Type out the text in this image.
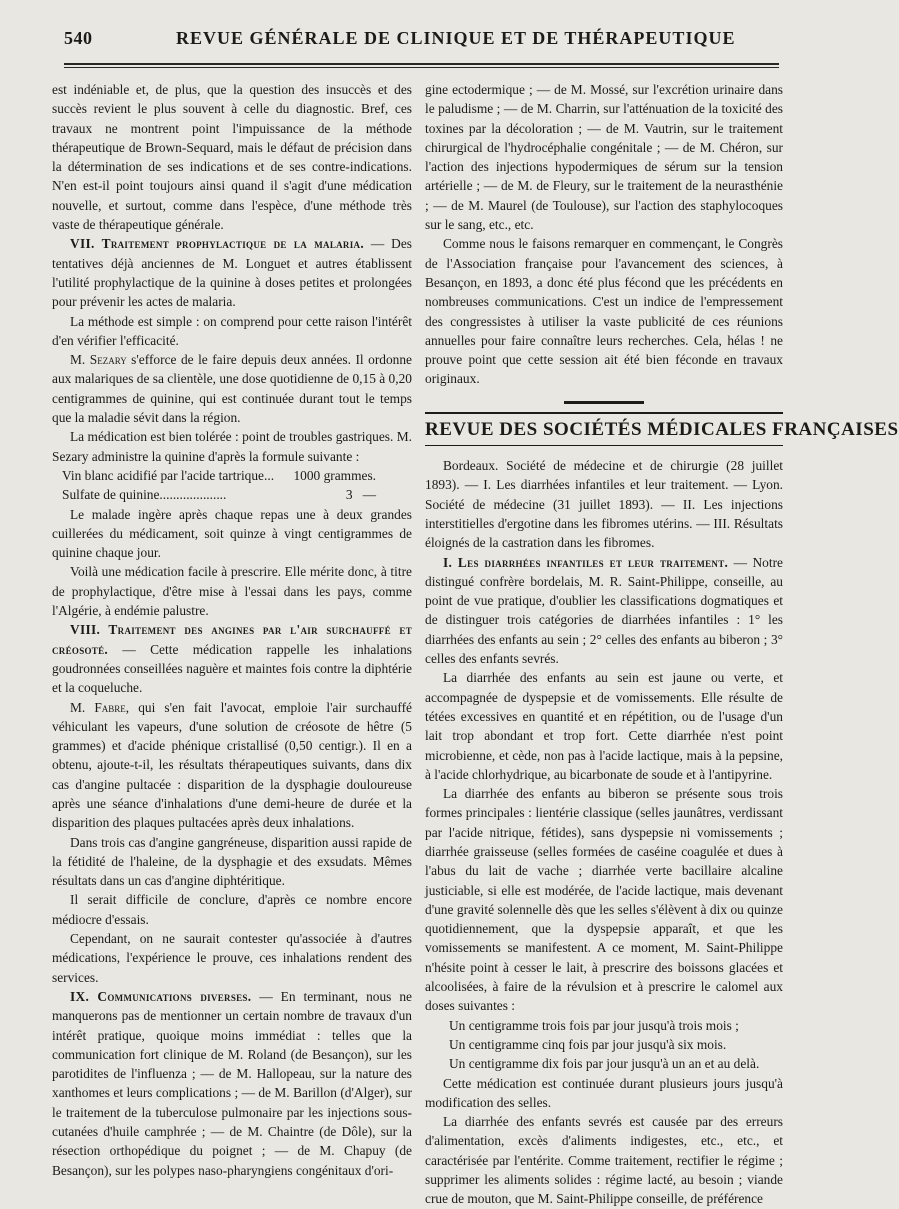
540	REVUE GÉNÉRALE DE CLINIQUE ET DE THÉRAPEUTIQUE

est indéniable et, de plus, que la question des insuccès et des succès revient le plus souvent à celle du diagnostic. Bref, ces travaux ne montrent point l'impuissance de la méthode thérapeutique de Brown-Sequard, mais le défaut de précision dans la détermination de ses indications et de ses contre-indications. N'en est-il point toujours ainsi quand il s'agit d'une médication nouvelle, et surtout, comme dans l'espèce, d'une méthode très vaste de thérapeutique générale.

VII. Traitement prophylactique de la malaria. — Des tentatives déjà anciennes de M. Longuet et autres établissent l'utilité prophylactique de la quinine à doses petites et prolongées pour prévenir les actes de malaria.

La méthode est simple : on comprend pour cette raison l'intérêt d'en vérifier l'efficacité.

M. Sezary s'efforce de le faire depuis deux années. Il ordonne aux malariques de sa clientèle, une dose quotidienne de 0,15 à 0,20 centigrammes de quinine, qui est continuée durant tout le temps que la maladie sévit dans la région.

La médication est bien tolérée : point de troubles gastriques. M. Sezary administre la quinine d'après la formule suivante :

Vin blanc acidifié par l'acide tartrique... 1000 grammes.
Sulfate de quinine....................	3   —

Le malade ingère après chaque repas une à deux grandes cuillerées du médicament, soit quinze à vingt centigrammes de quinine chaque jour.

Voilà une médication facile à prescrire. Elle mérite donc, à titre de prophylactique, d'être mise à l'essai dans les pays, comme l'Algérie, à endémie palustre.

VIII. Traitement des angines par l'air surchauffé et créosoté. — Cette médication rappelle les inhalations goudronnées conseillées naguère et maintes fois contre la diphtérie et la coqueluche.

M. Fabre, qui s'en fait l'avocat, emploie l'air surchauffé véhiculant les vapeurs, d'une solution de créosote de hêtre (5 grammes) et d'acide phénique cristallisé (0,50 centigr.). Il en a obtenu, ajoute-t-il, les résultats thérapeutiques suivants, dans dix cas d'angine pultacée : disparition de la dysphagie douloureuse après une séance d'inhalations d'une demi-heure de durée et la disparition des plaques pultacées après deux inhalations.

Dans trois cas d'angine gangréneuse, disparition aussi rapide de la fétidité de l'haleine, de la dysphagie et des exsudats. Mêmes résultats dans un cas d'angine diphtéritique.

Il serait difficile de conclure, d'après ce nombre encore médiocre d'essais.

Cependant, on ne saurait contester qu'associée à d'autres médications, l'expérience le prouve, ces inhalations rendent des services.

IX. Communications diverses. — En terminant, nous ne manquerons pas de mentionner un certain nombre de travaux d'un intérêt pratique, quoique moins immédiat : telles que la communication fort clinique de M. Roland (de Besançon), sur les parotidites de l'influenza ; — de M. Hallopeau, sur la nature des xanthomes et leurs complications ; — de M. Barillon (d'Alger), sur le traitement de la tuberculose pulmonaire par les injections sous-cutanées d'huile camphrée ; — de M. Chaintre (de Dôle), sur la résection orthopédique du poignet ; — de M. Chapuy (de Besançon), sur les polypes naso-pharyngiens congénitaux d'ori-

gine ectodermique ; — de M. Mossé, sur l'excrétion urinaire dans le paludisme ; — de M. Charrin, sur l'atténuation de la toxicité des toxines par la décoloration ; — de M. Vautrin, sur le traitement chirurgical de l'hydrocéphalie congénitale ; — de M. Chéron, sur l'action des injections hypodermiques de sérum sur la tension artérielle ; — de M. de Fleury, sur le traitement de la neurasthénie ; — de M. Maurel (de Toulouse), sur l'action des staphylocoques sur le sang, etc., etc.

Comme nous le faisons remarquer en commençant, le Congrès de l'Association française pour l'avancement des sciences, à Besançon, en 1893, a donc été plus fécond que les précédents en nombreuses communications. C'est un indice de l'empressement des congressistes à utiliser la vaste publicité de ces réunions annuelles pour faire connaître leurs recherches. Cela, hélas ! ne prouve point que cette session ait été bien féconde en travaux originaux.

REVUE DES SOCIÉTÉS MÉDICALES FRANÇAISES

Bordeaux. Société de médecine et de chirurgie (28 juillet 1893). — I. Les diarrhées infantiles et leur traitement. — Lyon. Société de médecine (31 juillet 1893). — II. Les injections interstitielles d'ergotine dans les fibromes utérins. — III. Résultats éloignés de la castration dans les fibromes.

I. Les diarrhées infantiles et leur traitement. — Notre distingué confrère bordelais, M. R. Saint-Philippe, conseille, au point de vue pratique, d'oublier les classifications dogmatiques et de distinguer trois catégories de diarrhées infantiles : 1° les diarrhées des enfants au sein ; 2° celles des enfants au biberon ; 3° celles des enfants sevrés.

La diarrhée des enfants au sein est jaune ou verte, et accompagnée de dyspepsie et de vomissements. Elle résulte de tétées excessives en quantité et en répétition, ou de l'usage d'un lait trop abondant et trop fort. Cette diarrhée n'est point microbienne, et cède, non pas à l'acide lactique, mais à la pepsine, à l'acide chlorhydrique, au bicarbonate de soude et à l'antipyrine.

La diarrhée des enfants au biberon se présente sous trois formes principales : lientérie classique (selles jaunâtres, verdissant par l'acide nitrique, fétides), sans dyspepsie ni vomissements ; diarrhée graisseuse (selles formées de caséine coagulée et dues à l'abus du lait de vache ; diarrhée verte bacillaire alcaline justiciable, si elle est modérée, de l'acide lactique, mais devenant d'une gravité solennelle dès que les selles s'élèvent à dix ou quinze quotidiennement, que la dyspepsie apparaît, et que les vomissements se manifestent. A ce moment, M. Saint-Philippe n'hésite point à cesser le lait, à prescrire des boissons glacées et alcoolisées, à faire de la révulsion et à prescrire le calomel aux doses suivantes :

Un centigramme trois fois par jour jusqu'à trois mois ;

Un centigramme cinq fois par jour jusqu'à six mois.

Un centigramme dix fois par jour jusqu'à un an et au delà.

Cette médication est continuée durant plusieurs jours jusqu'à modification des selles.

La diarrhée des enfants sevrés est causée par des erreurs d'alimentation, excès d'aliments indigestes, etc., etc., et caractérisée par l'entérite. Comme traitement, rectifier le régime ; supprimer les aliments solides : régime lacté, au besoin ; viande crue de mouton, que M. Saint-Philippe conseille, de préférence
